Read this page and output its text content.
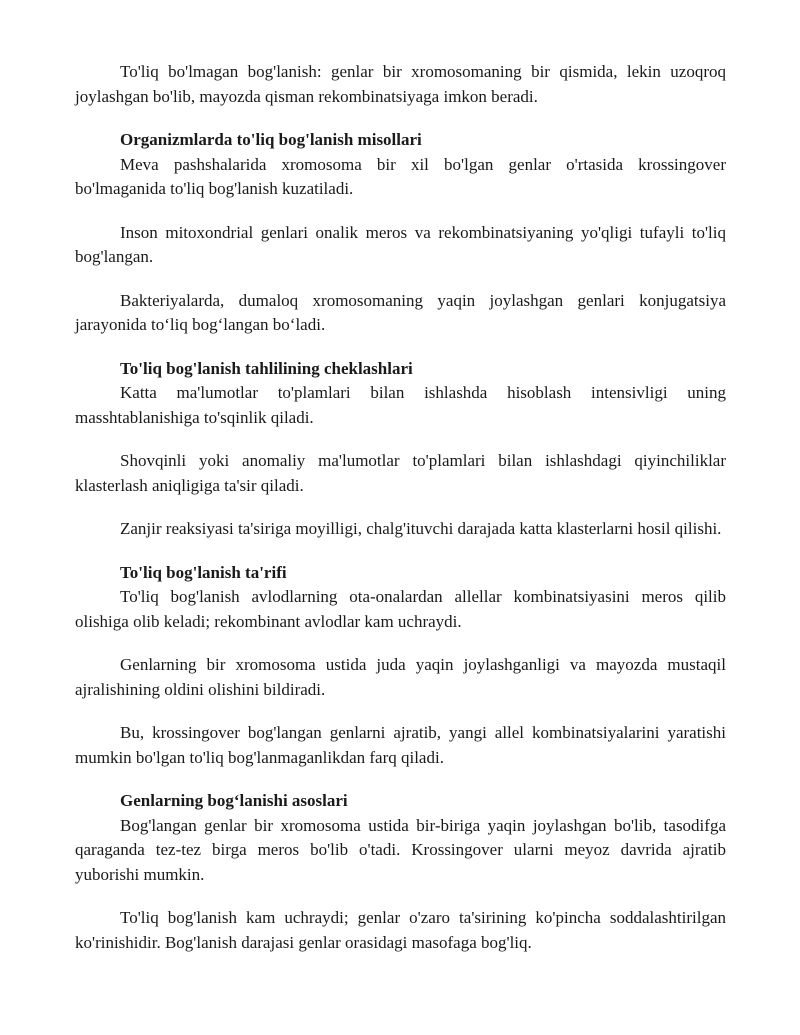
To'liq bo'lmagan bog'lanish: genlar bir xromosomaning bir qismida, lekin uzoqroq joylashgan bo'lib, mayozda qisman rekombinatsiyaga imkon beradi.

Organizmlarda to'liq bog'lanish misollari

Meva pashshalarida xromosoma bir xil bo'lgan genlar o'rtasida krossingover bo'lmaganida to'liq bog'lanish kuzatiladi.

Inson mitoxondrial genlari onalik meros va rekombinatsiyaning yo'qligi tufayli to'liq bog'langan.

Bakteriyalarda, dumaloq xromosomaning yaqin joylashgan genlari konjugatsiya jarayonida to‘liq bog‘langan bo‘ladi.

To'liq bog'lanish tahlilining cheklashlari

Katta ma'lumotlar to'plamlari bilan ishlashda hisoblash intensivligi uning masshtablanishiga to'sqinlik qiladi.

Shovqinli yoki anomaliy ma'lumotlar to'plamlari bilan ishlashdagi qiyinchiliklar klasterlash aniqligiga ta'sir qiladi.

Zanjir reaksiyasi ta'siriga moyilligi, chalg'ituvchi darajada katta klasterlarni hosil qilishi.

To'liq bog'lanish ta'rifi

To'liq bog'lanish avlodlarning ota-onalardan allellar kombinatsiyasini meros qilib olishiga olib keladi; rekombinant avlodlar kam uchraydi.

Genlarning bir xromosoma ustida juda yaqin joylashganligi va mayozda mustaqil ajralishining oldini olishini bildiradi.

Bu, krossingover bog'langan genlarni ajratib, yangi allel kombinatsiyalarini yaratishi mumkin bo'lgan to'liq bog'lanmaganlikdan farq qiladi.

Genlarning bog‘lanishi asoslari

Bog'langan genlar bir xromosoma ustida bir-biriga yaqin joylashgan bo'lib, tasodifga qaraganda tez-tez birga meros bo'lib o'tadi. Krossingover ularni meyoz davrida ajratib yuborishi mumkin.

To'liq bog'lanish kam uchraydi; genlar o'zaro ta'sirining ko'pincha soddalashtirilgan ko'rinishidir. Bog'lanish darajasi genlar orasidagi masofaga bog'liq.
